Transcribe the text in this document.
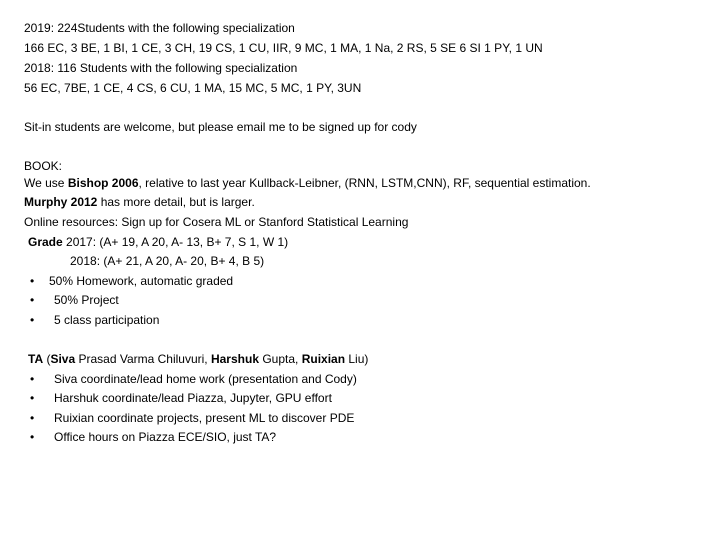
2019: 224Students with the following specialization
166 EC, 3 BE, 1 BI, 1 CE, 3 CH, 19 CS, 1 CU, IIR, 9 MC, 1 MA, 1 Na, 2 RS, 5 SE 6 SI 1 PY, 1 UN
2018: 116 Students with the following specialization
56 EC, 7BE, 1 CE, 4 CS, 6 CU, 1 MA, 15 MC, 5 MC, 1 PY, 3UN
Sit-in students are welcome, but please email me to be signed up for cody
BOOK:
We use Bishop 2006, relative to last year Kullback-Leibner, (RNN, LSTM,CNN), RF, sequential estimation.
Murphy 2012 has more detail, but is larger.
Online resources: Sign up for Cosera ML or Stanford Statistical Learning
Grade 2017: (A+ 19, A 20, A- 13, B+ 7, S 1, W 1)
2018: (A+ 21, A 20, A- 20, B+ 4, B 5)
• 50% Homework, automatic graded
• 50% Project
• 5 class participation
TA (Siva Prasad Varma Chiluvuri, Harshuk Gupta, Ruixian Liu)
• Siva coordinate/lead home work (presentation and Cody)
• Harshuk coordinate/lead Piazza, Jupyter, GPU effort
• Ruixian coordinate projects, present ML to discover PDE
• Office hours on Piazza ECE/SIO, just TA?
